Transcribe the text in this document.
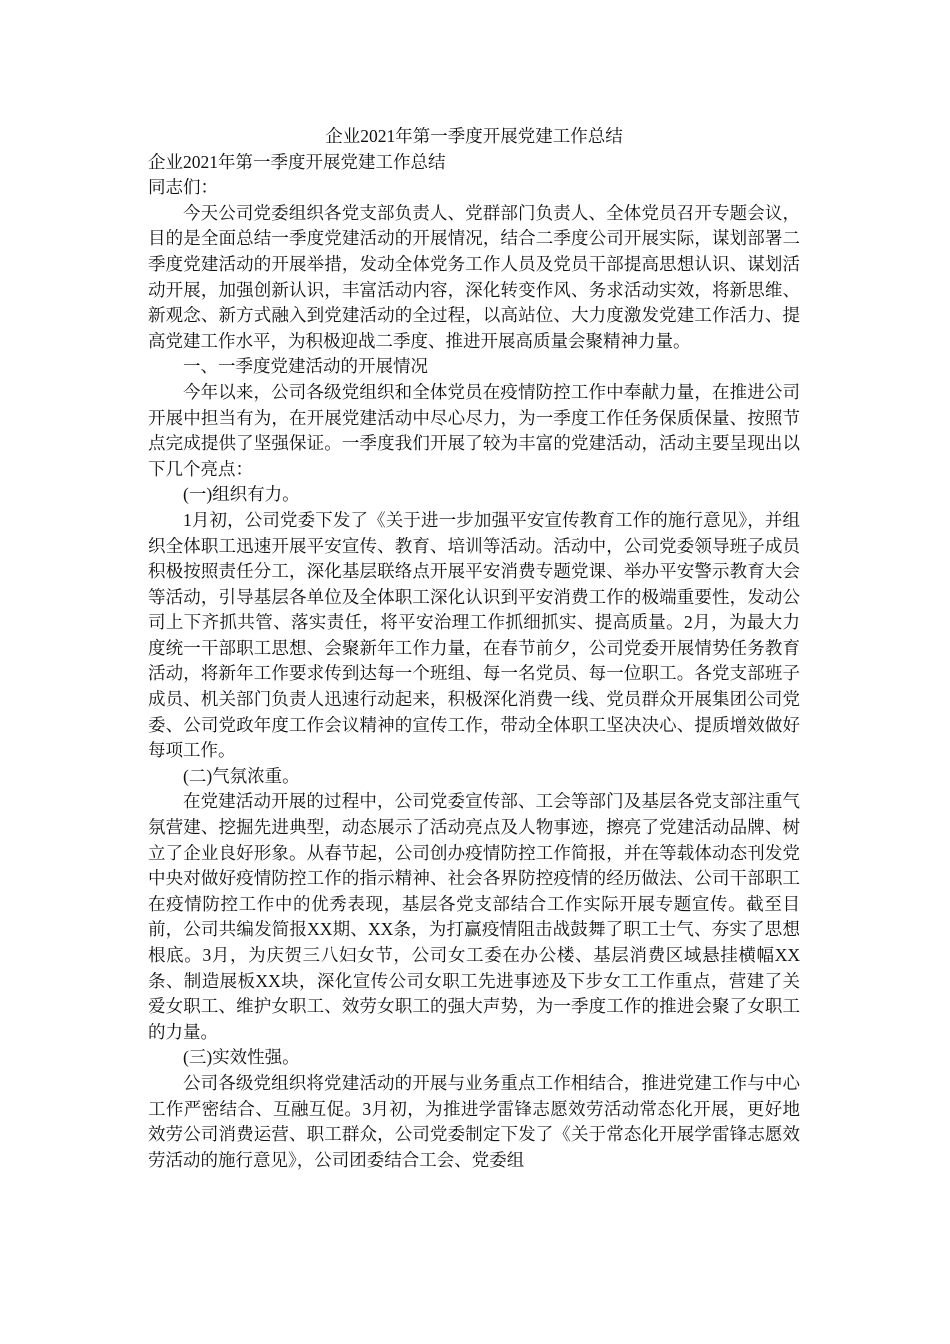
企业2021年第一季度开展党建工作总结

企业2021年第一季度开展党建工作总结

同志们：

今天公司党委组织各党支部负责人、党群部门负责人、全体党员召开专题会议，目的是全面总结一季度党建活动的开展情况，结合二季度公司开展实际，谋划部署二季度党建活动的开展举措，发动全体党务工作人员及党员干部提高思想认识、谋划活动开展，加强创新认识，丰富活动内容，深化转变作风、务求活动实效，将新思维、新观念、新方式融入到党建活动的全过程，以高站位、大力度激发党建工作活力、提高党建工作水平，为积极迎战二季度、推进开展高质量会聚精神力量。

一、一季度党建活动的开展情况

今年以来，公司各级党组织和全体党员在疫情防控工作中奉献力量，在推进公司开展中担当有为，在开展党建活动中尽心尽力，为一季度工作任务保质保量、按照节点完成提供了坚强保证。一季度我们开展了较为丰富的党建活动，活动主要呈现出以下几个亮点：

(一)组织有力。

1月初，公司党委下发了《关于进一步加强平安宣传教育工作的施行意见》，并组织全体职工迅速开展平安宣传、教育、培训等活动。活动中，公司党委领导班子成员积极按照责任分工，深化基层联络点开展平安消费专题党课、举办平安警示教育大会等活动，引导基层各单位及全体职工深化认识到平安消费工作的极端重要性，发动公司上下齐抓共管、落实责任，将平安治理工作抓细抓实、提高质量。2月，为最大力度统一干部职工思想、会聚新年工作力量，在春节前夕，公司党委开展情势任务教育活动，将新年工作要求传到达每一个班组、每一名党员、每一位职工。各党支部班子成员、机关部门负责人迅速行动起来，积极深化消费一线、党员群众开展集团公司党委、公司党政年度工作会议精神的宣传工作，带动全体职工坚决决心、提质增效做好每项工作。

(二)气氛浓重。

在党建活动开展的过程中，公司党委宣传部、工会等部门及基层各党支部注重气氛营建、挖掘先进典型，动态展示了活动亮点及人物事迹，擦亮了党建活动品牌、树立了企业良好形象。从春节起，公司创办疫情防控工作简报，并在等载体动态刊发党中央对做好疫情防控工作的指示精神、社会各界防控疫情的经历做法、公司干部职工在疫情防控工作中的优秀表现，基层各党支部结合工作实际开展专题宣传。截至目前，公司共编发简报XX期、XX条，为打赢疫情阻击战鼓舞了职工士气、夯实了思想根底。3月，为庆贺三八妇女节，公司女工委在办公楼、基层消费区域悬挂横幅XX条、制造展板XX块，深化宣传公司女职工先进事迹及下步女工工作重点，营建了关爱女职工、维护女职工、效劳女职工的强大声势，为一季度工作的推进会聚了女职工的力量。

(三)实效性强。

公司各级党组织将党建活动的开展与业务重点工作相结合，推进党建工作与中心工作严密结合、互融互促。3月初，为推进学雷锋志愿效劳活动常态化开展，更好地效劳公司消费运营、职工群众，公司党委制定下发了《关于常态化开展学雷锋志愿效劳活动的施行意见》，公司团委结合工会、党委组
